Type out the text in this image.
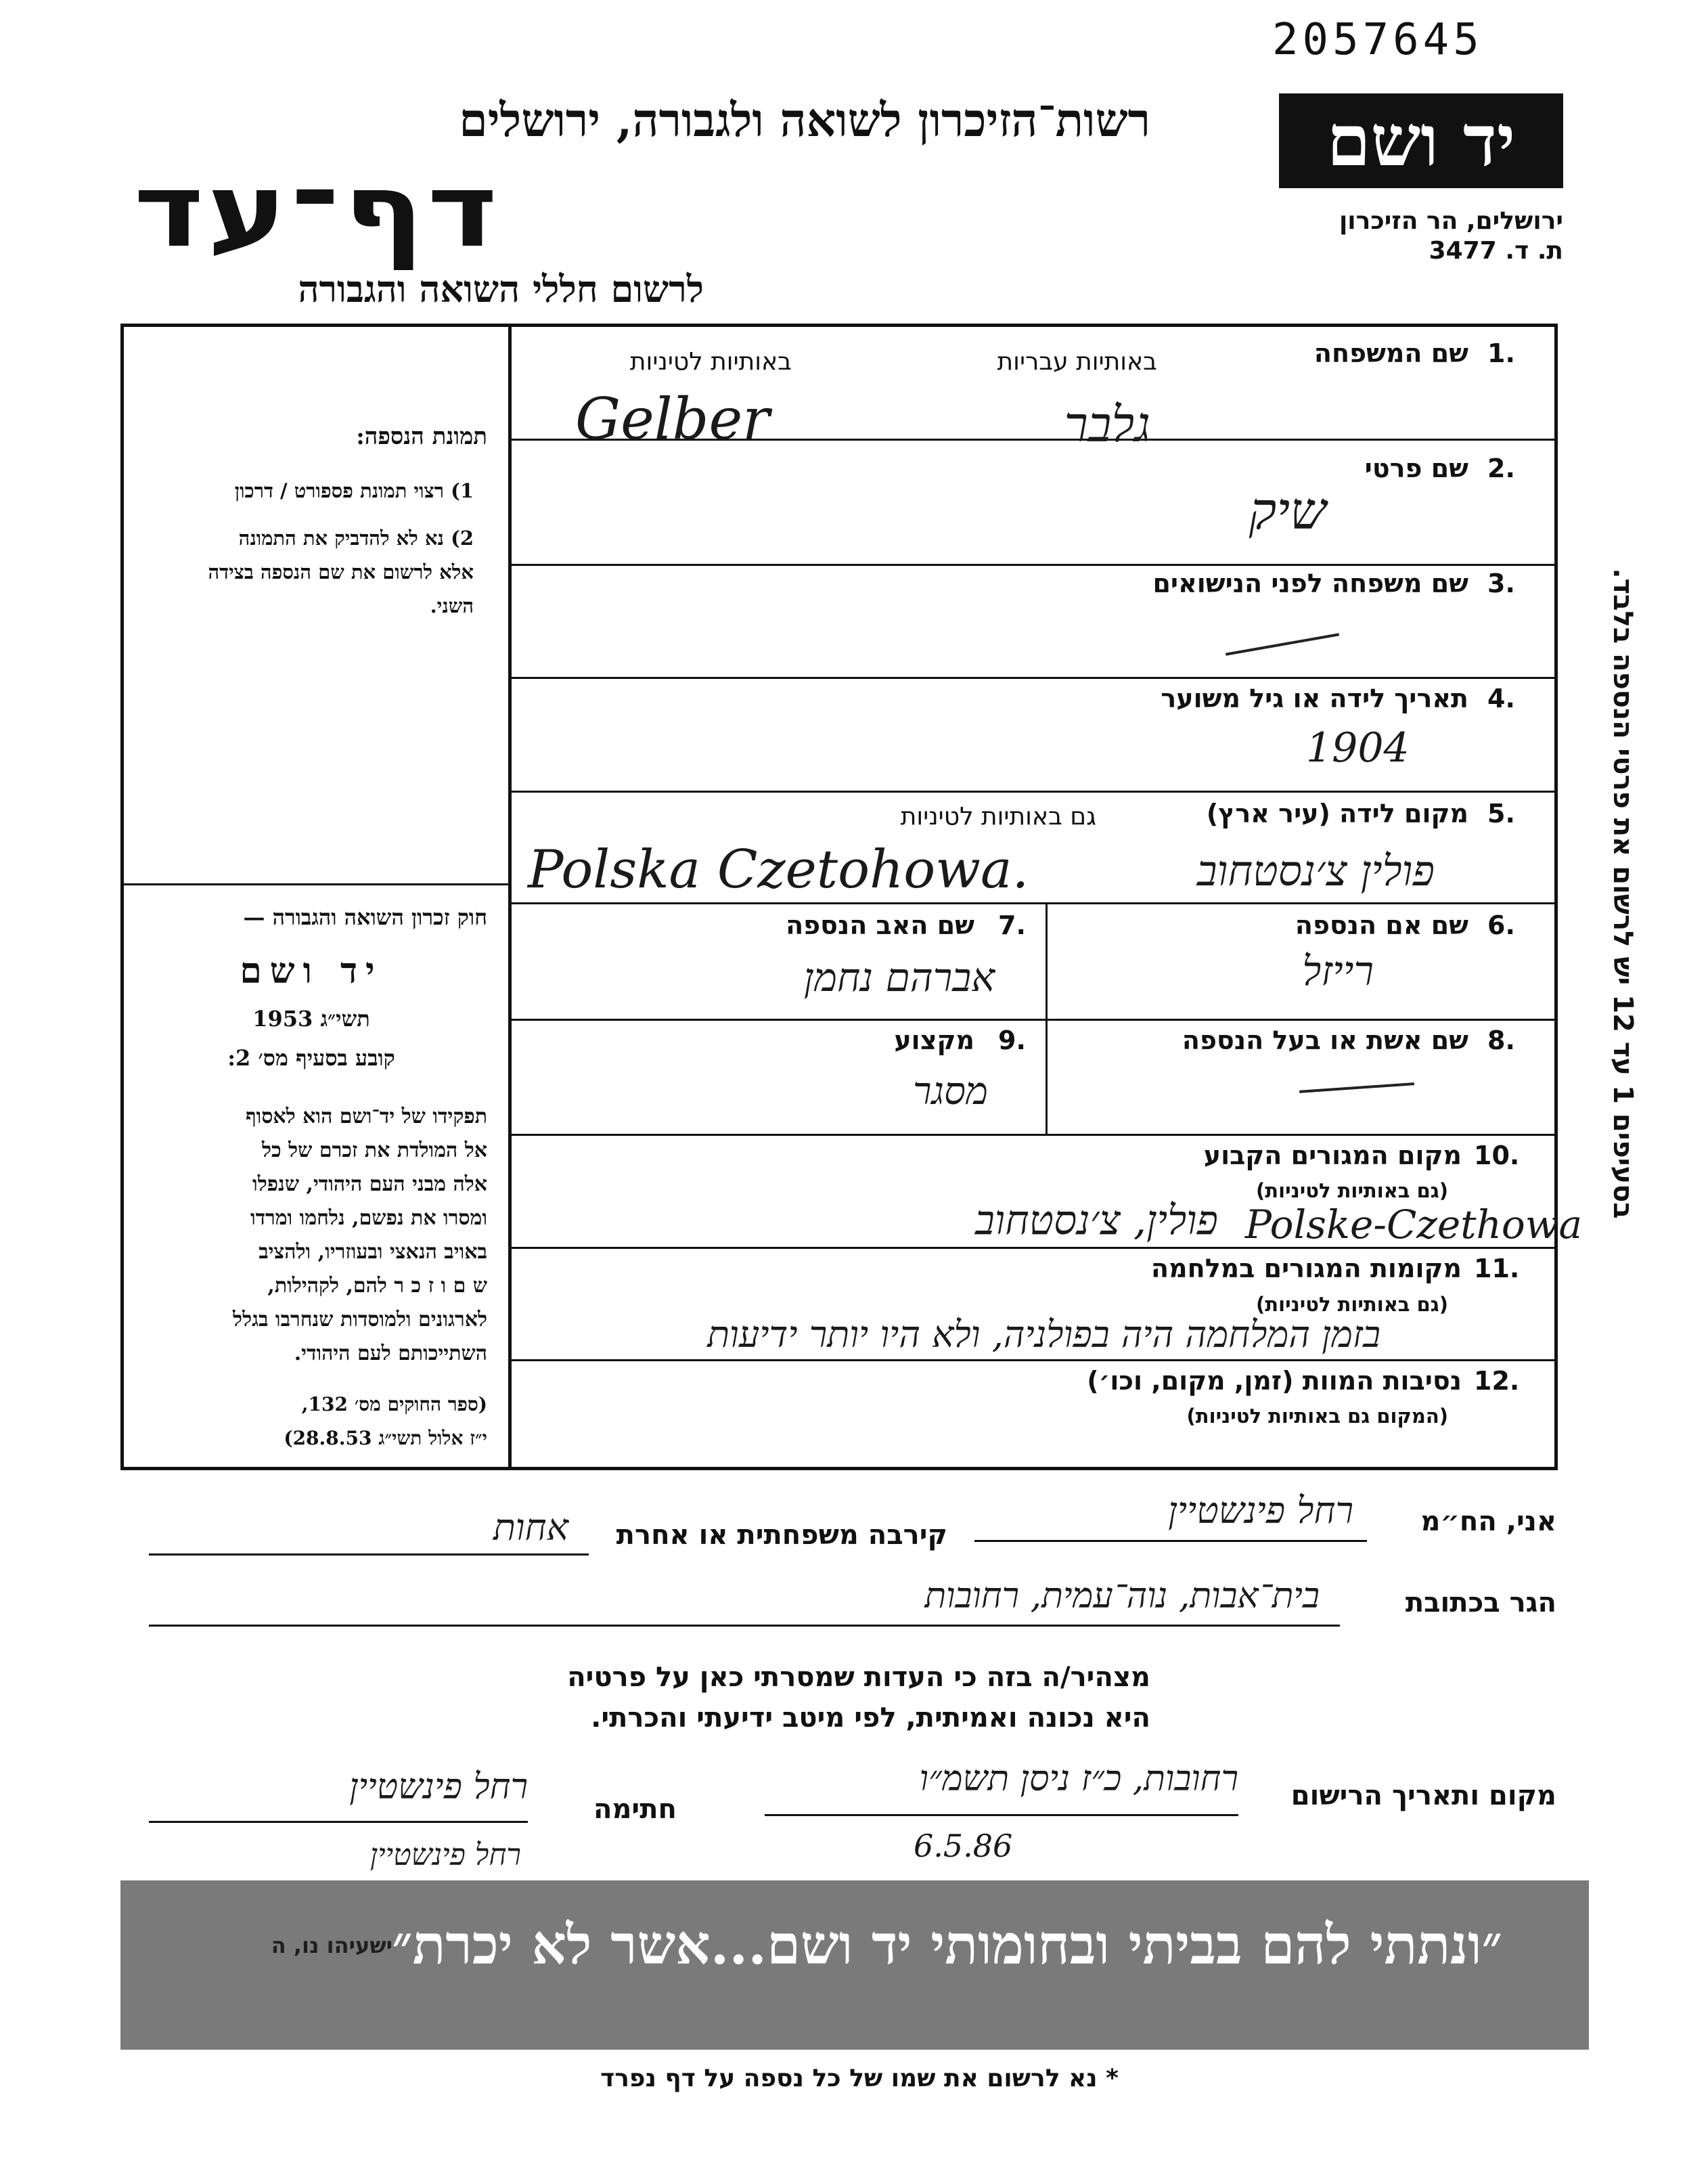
2057645
יד ושם
ירושלים, הר הזיכרון
ת. ד. 3477
רשות־הזיכרון לשואה ולגבורה, ירושלים
דף־עד
לרשום חללי השואה והגבורה
תמונת הנספה:
1) רצוי תמונת פספורט / דרכון
2) נא לא להדביק את התמונה
אלא לרשום את שם הנספה בצידה
השני.
חוק זכרון השואה והגבורה —
יד ושם
תשי״ג 1953
קובע בסעיף מס׳ 2:
תפקידו של יד־ושם הוא לאסוף
אל המולדת את זכרם של כל
אלה מבני העם היהודי, שנפלו
ומסרו את נפשם, נלחמו ומרדו
באויב הנאצי ובעוזריו, ולהציב
ש ם ו ז כ ר להם, לקהילות,
לארגונים ולמוסדות שנחרבו בגלל
השתייכותם לעם היהודי.
(ספר החוקים מס׳ 132,
י״ז אלול תשי״ג 28.8.53)
1.
שם המשפחה
באותיות עבריות
באותיות לטיניות
Gelber	גלבר
2.
שם פרטי
שיק
3.
שם משפחה לפני הנישואים
4.
תאריך לידה או גיל משוער
1904
5.
מקום לידה (עיר ארץ)
גם באותיות לטיניות
Polska Czetohowa.	פולין צ׳נסטחוב
6.
שם אם הנספה
רייזל
7.
שם האב הנספה
אברהם נחמן
8.
שם אשת או בעל הנספה
9.
מקצוע
מסגר
10.
מקום המגורים הקבוע
(גם באותיות לטיניות)
פולין, צ׳נסטחוב Polske-Czethowa
11.
מקומות המגורים במלחמה
(גם באותיות לטיניות)
בזמן המלחמה היה בפולניה, ולא היו יותר ידיעות
12.
נסיבות המוות (זמן, מקום, וכו׳)
(המקום גם באותיות לטיניות)
בסעיפים 1 עד 12 יש לרשום את פרטי הנספה בלבד.
אני, הח״מ
רחל פינשטיין
קירבה משפחתית או אחרת
אחות
הגר בכתובת
בית־אבות, נוה־עמית, רחובות
מצהיר/ה בזה כי העדות שמסרתי כאן על פרטיה
היא נכונה ואמיתית, לפי מיטב ידיעתי והכרתי.
מקום ותאריך הרישום
רחובות, כ״ז ניסן תשמ״ו
6.5.86
חתימה
רחל פינשטיין
רחל פינשטיין
״ונתתי להם בביתי ובחומותי יד ושם...אשר לא יכרת״
ישעיהו נו, ה
* נא לרשום את שמו של כל נספה על דף נפרד
